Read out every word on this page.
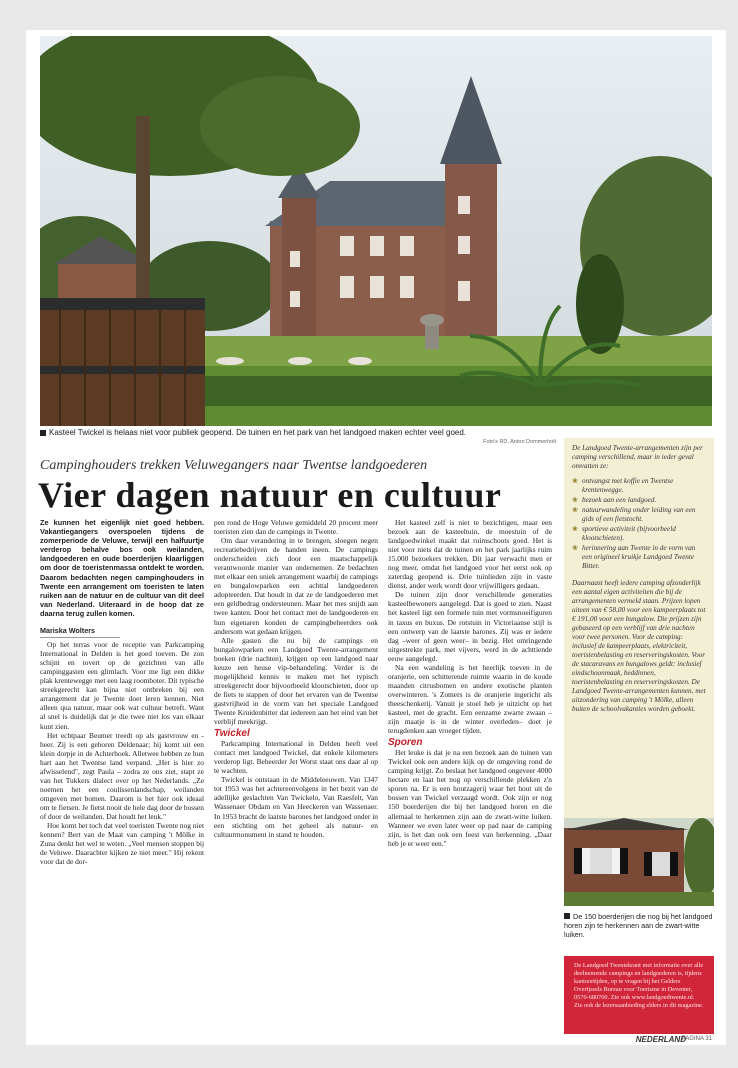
Kasteel Twickel is helaas niet voor publiek geopend. De tuinen en het park van het landgoed maken echter veel goed.
Foto's RD, Anton Dommerholt
Campinghouders trekken Veluwegangers naar Twentse landgoederen
Vier dagen natuur en cultuur

Ze kunnen het eigenlijk niet goed hebben. Vakantiegangers overspoelen tijdens de zomerperiode de Veluwe, terwijl een halfuurtje verderop behalve bos ook weilanden, landgoederen en oude boerderijen klaarliggen om door de toeristenmassa ontdekt te worden. Daarom bedachten negen campinghouders in Twente een arrangement om toeristen te laten ruiken aan de natuur en de cultuur van dit deel van Nederland. Uiteraard in de hoop dat ze daarna terug zullen komen.

Mariska Wolters

Op het terras voor de receptie van Parkcamping International in Delden is het goed toeven. De zon schijnt en tovert op de gezichten van alle campinggasten een glimlach. Voor me ligt een dikke plak krentewegge met een laag roomboter. Dit typische streekgerecht kan bijna niet ontbreken bij een arrangement dat je Twente doet leren kennen. Niet alleen qua natuur, maar ook wat cultuur betreft. Want al snel is duidelijk dat je die twee niet los van elkaar kunt zien.

Het echtpaar Beumer treedt op als gastvrouw en -heer. Zij is een geboren Deldenaar; hij komt uit een klein dorpje in de Achterhoek. Alletwee hebben ze hun hart aan het Twentse land verpand. „Het is hier zo afwisselend", zegt Paula – zodra ze ons ziet, stapt ze van het Tukkers dialect over op het Nederlands. „Ze noemen het een coulissenlandschap, weilanden omgeven met bomen. Daarom is het hier ook ideaal om te fietsen. Je fietst nooit de hele dag door de bossen of door de weilanden. Dat houdt het leuk."

Hoe komt het toch dat veel toeristen Twente nog niet kennen? Bert van de Maat van camping 't Mölke in Zuna denkt het wel te weten. „Veel mensen stoppen bij de Veluwe. Daarachter kijken ze niet meer." Hij rekent voor dat de dor-

pen rond de Hoge Veluwe gemiddeld 20 procent meer toeristen zien dan de campings in Twente.

Om daar verandering in te brengen, sloegen negen recreatiebedrijven de handen ineen. De campings onderscheiden zich door een maatschappelijk verantwoorde manier van ondernemen. Ze bedachten met elkaar een uniek arrangement waarbij de campings en bungalowparken een achttal landgoederen adopteerden. Dat houdt in dat ze de landgoederen met een geldbedrag ondersteunen. Maar het mes snijdt aan twee kanten. Door het contact met de landgoederen en hun eigenaren konden de campingbeheerders ook andersom wat gedaan krijgen.

Alle gasten die nu bij de campings en bungalowparken een Landgoed Twente-arrangement boeken (drie nachten), krijgen op een landgoed naar keuze een heuse vip-behandeling. Verder is de mogelijkheid kennis te maken met het typisch streekgerecht door bijvoorbeeld klootschieten, door op de fiets te stappen of door het ervaren van de Twentse gastvrijheid in de vorm van het speciale Landgoed Twente Kruidenbitter dat iedereen aan het eind van het verblijf meekrijgt.

Twickel

Parkcamping International in Delden heeft veel contact met landgoed Twickel, dat enkele kilometers verderop ligt. Beheerder Jet Worst staat ons daar al op te wachten.

Twickel is ontstaan in de Middeleeuwen. Van 1347 tot 1953 was het achtereenvolgens in het bezit van de adellijke geslachten Van Twickelo, Van Raesfelt, Van Wassenaer Obdam en Van Heeckeren van Wassenaer. In 1953 bracht de laatste barones het landgoed onder in een stichting om het geheel als natuur- en cultuurmonument in stand te houden.

Het kasteel zelf is niet te bezichtigen, maar een bezoek aan de kasteeltuin, de moestuin of de landgoedwinkel maakt dat ruimschoots goed. Het is niet voor niets dat de tuinen en het park jaarlijks ruim 15.000 bezoekers trekken. Dit jaar verwacht men er nog meer, omdat het landgoed voor het eerst ook op zaterdag geopend is. Drie tuinlieden zijn in vaste dienst, ander werk wordt door vrijwilligers gedaan.

De tuinen zijn door verschillende generaties kasteelbewoners aangelegd. Dat is goed te zien. Naast het kasteel ligt een formele tuin met vormsnoeifiguren in taxus en buxus. De rotstuin in Victoriaanse stijl is een ontwerp van de laatste barones. Zij was er iedere dag –weer of geen weer– in bezig. Het omringende uitgestrekte park, met vijvers, werd in de achttiende eeuw aangelegd.

Na een wandeling is het heerlijk toeven in de oranjerie, een schitterende ruimte waarin in de koude maanden citrusbomen en andere exotische planten overwinteren. 's Zomers is de oranjerie ingericht als theeschenkerij. Vanuit je stoel heb je uitzicht op het kasteel, met de gracht. Een eenzame zwarte zwaan –zijn maatje is in de winter overleden– doet je terugdenken aan vroeger tijden.

Sporen

Het leuke is dat je na een bezoek aan de tuinen van Twickel ook een andere kijk op de omgeving rond de camping krijgt. Zo beslaat het landgoed ongeveer 4000 hectare en laat het nog op verschillende plekken z'n sporen na. Er is een houtzagerij waar het hout uit de bossen van Twickel verzaagd wordt. Ook zijn er nog 150 boerderijen die bij het landgoed horen en die allemaal te herkennen zijn aan de zwart-witte luiken. Wanneer we even later weer op pad naar de camping zijn, is het dan ook een feest van herkenning. „Daar heb je er weer een."

De Landgoed Twente-arrangementen zijn per camping verschillend, maar in ieder geval omvatten ze:
❀ ontvangst met koffie en Twentse krentenwegge.
❀ bezoek aan een landgoed.
❀ natuurwandeling onder leiding van een gids of een fietstocht.
❀ sportieve activiteit (bijvoorbeeld klootschieten).
❀ herinnering aan Twente in de vorm van een origineel kruikje Landgoed Twente Bitter.
Daarnaast heeft iedere camping afzonderlijk een aantal eigen activiteiten die bij de arrangementen vermeld staan. Prijzen lopen uiteen van € 58,00 voor een kampeerplaats tot € 191,00 voor een bungalow. Die prijzen zijn gebaseerd op een verblijf van drie nachten voor twee personen. Voor de camping: inclusief de kampeerplaats, elektriciteit, toeristenbelasting en reserveringskosten. Voor de stacaravans en bungalows geldt: inclusief eindschoonmaak, beddinnen, toeristenbelasting en reserveringskosten. De Landgoed Twente-arrangementen kunnen, met uitzondering van camping 't Mölke, alleen buiten de schoolvakanties worden geboekt.
De 150 boerderijen die nog bij het landgoed horen zijn te herkennen aan de zwart-witte luiken.
De Landgoed Twentekrant met informatie over alle deelnemende campings en landgoederen is, tijdens kantoortijden, op te vragen bij het Gelders Overijssels Bureau voor Toerisme in Deventer, 0570-680700. Zie ook www.landgoedtwente.nl. Zie ook de lezersaanbieding elders in dit magazine.
NEDERLAND
PAGINA 31
